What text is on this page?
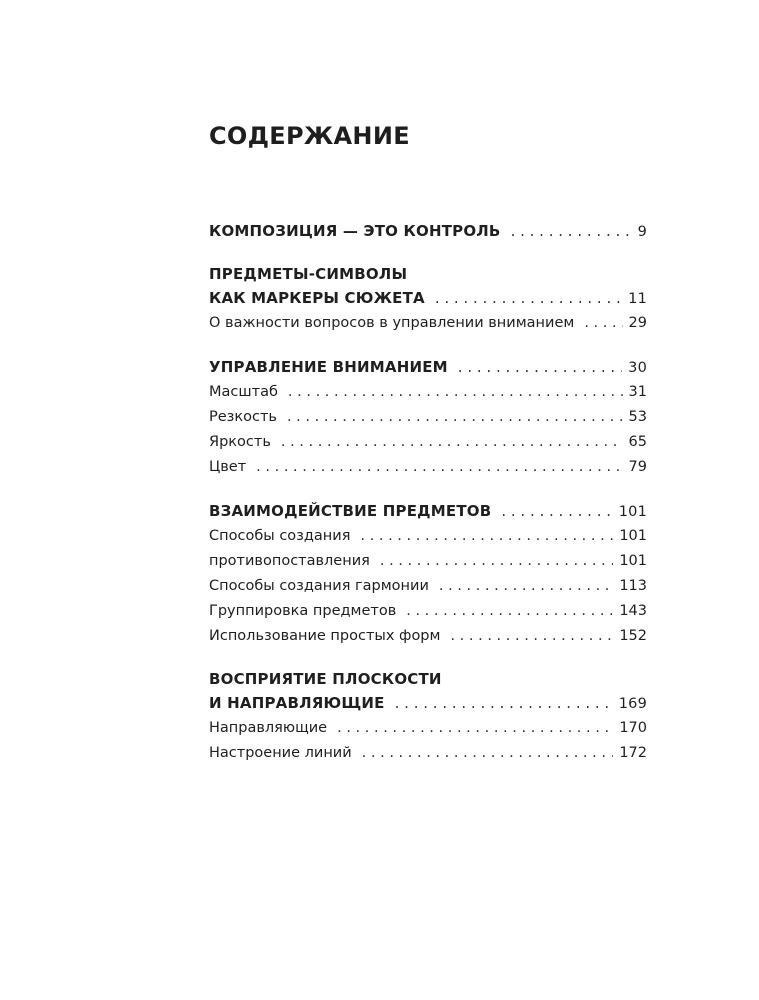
СОДЕРЖАНИЕ
КОМПОЗИЦИЯ — ЭТО КОНТРОЛЬ . . .	9
ПРЕДМЕТЫ-СИМВОЛЫ
КАК МАРКЕРЫ СЮЖЕТА . . .	11
О важности вопросов в управлении вниманием . . .	29
УПРАВЛЕНИЕ ВНИМАНИЕМ . . .	30
Масштаб . . .	31
Резкость . . .	53
Яркость . . .	65
Цвет . . .	79
ВЗАИМОДЕЙСТВИЕ ПРЕДМЕТОВ . . .	101
Способы создания . . .	101
противопоставления . . .	101
Способы создания гармонии . . .	113
Группировка предметов . . .	143
Использование простых форм . . .	152
ВОСПРИЯТИЕ ПЛОСКОСТИ
И НАПРАВЛЯЮЩИЕ . . .	169
Направляющие . . .	170
Настроение линий . . .	172
